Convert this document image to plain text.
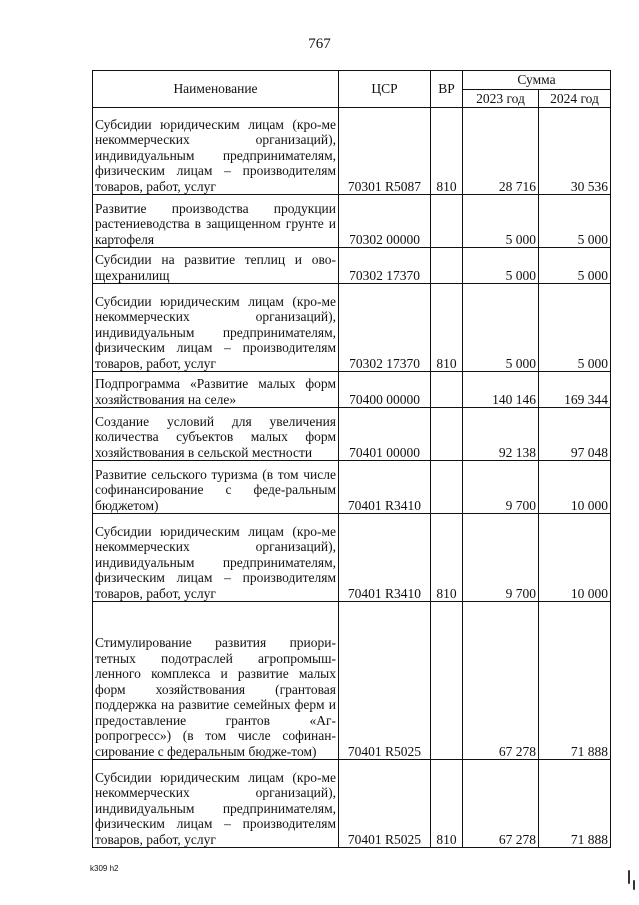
767
Наименование	ЦСР	ВР	Сумма	
			2023 год	2024 год
Субсидии юридическим лицам (кро-ме некоммерческих организаций), индивидуальным предпринимателям, физическим лицам – производителям товаров, работ, услуг	70301 R5087	810	28 716	30 536
Развитие производства продукции растениеводства в защищенном грунте и картофеля	70302 00000		5 000	5 000
Субсидии на развитие теплиц и ово-щехранилищ	70302 17370		5 000	5 000
Субсидии юридическим лицам (кро-ме некоммерческих организаций), индивидуальным предпринимателям, физическим лицам – производителям товаров, работ, услуг	70302 17370	810	5 000	5 000
Подпрограмма «Развитие малых форм хозяйствования на селе»	70400 00000		140 146	169 344
Создание условий для увеличения количества субъектов малых форм хозяйствования в сельской местности	70401 00000		92 138	97 048
Развитие сельского туризма (в том числе софинансирование с феде-ральным бюджетом)	70401 R3410		9 700	10 000
Субсидии юридическим лицам (кро-ме некоммерческих организаций), индивидуальным предпринимателям, физическим лицам – производителям товаров, работ, услуг	70401 R3410	810	9 700	10 000
Стимулирование развития приори-тетных подотраслей агропромыш-ленного комплекса и развитие малых форм хозяйствования (грантовая поддержка на развитие семейных ферм и предоставление грантов «Аг-ропрогресс») (в том числе софинан-сирование с федеральным бюдже-том)	70401 R5025		67 278	71 888
Субсидии юридическим лицам (кро-ме некоммерческих организаций), индивидуальным предпринимателям, физическим лицам – производителям товаров, работ, услуг	70401 R5025	810	67 278	71 888
k309 h2
